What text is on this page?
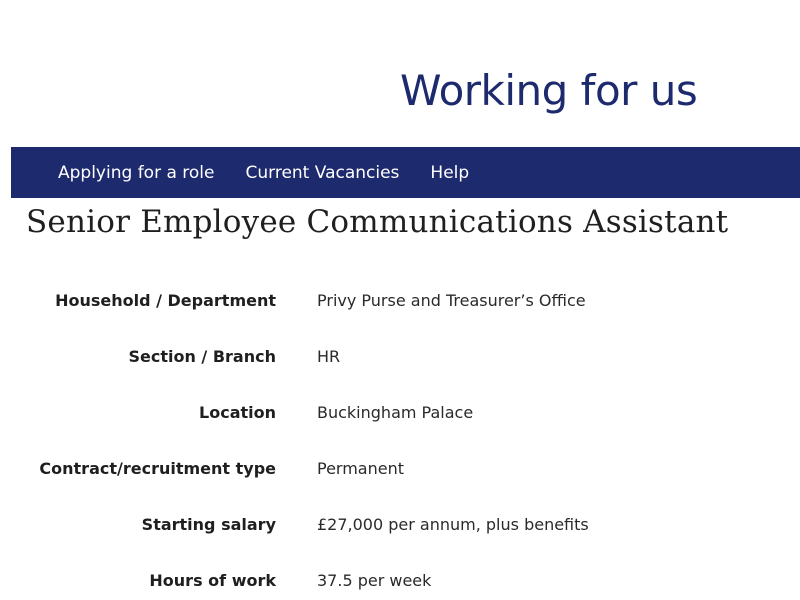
Working for us
Applying for a role Current Vacancies Help
Senior Employee Communications Assistant
Household / Department	Privy Purse and Treasurer’s Office
Section / Branch	HR
Location	Buckingham Palace
Contract/recruitment type	Permanent
Starting salary	£27,000 per annum, plus benefits
Hours of work	37.5 per week
